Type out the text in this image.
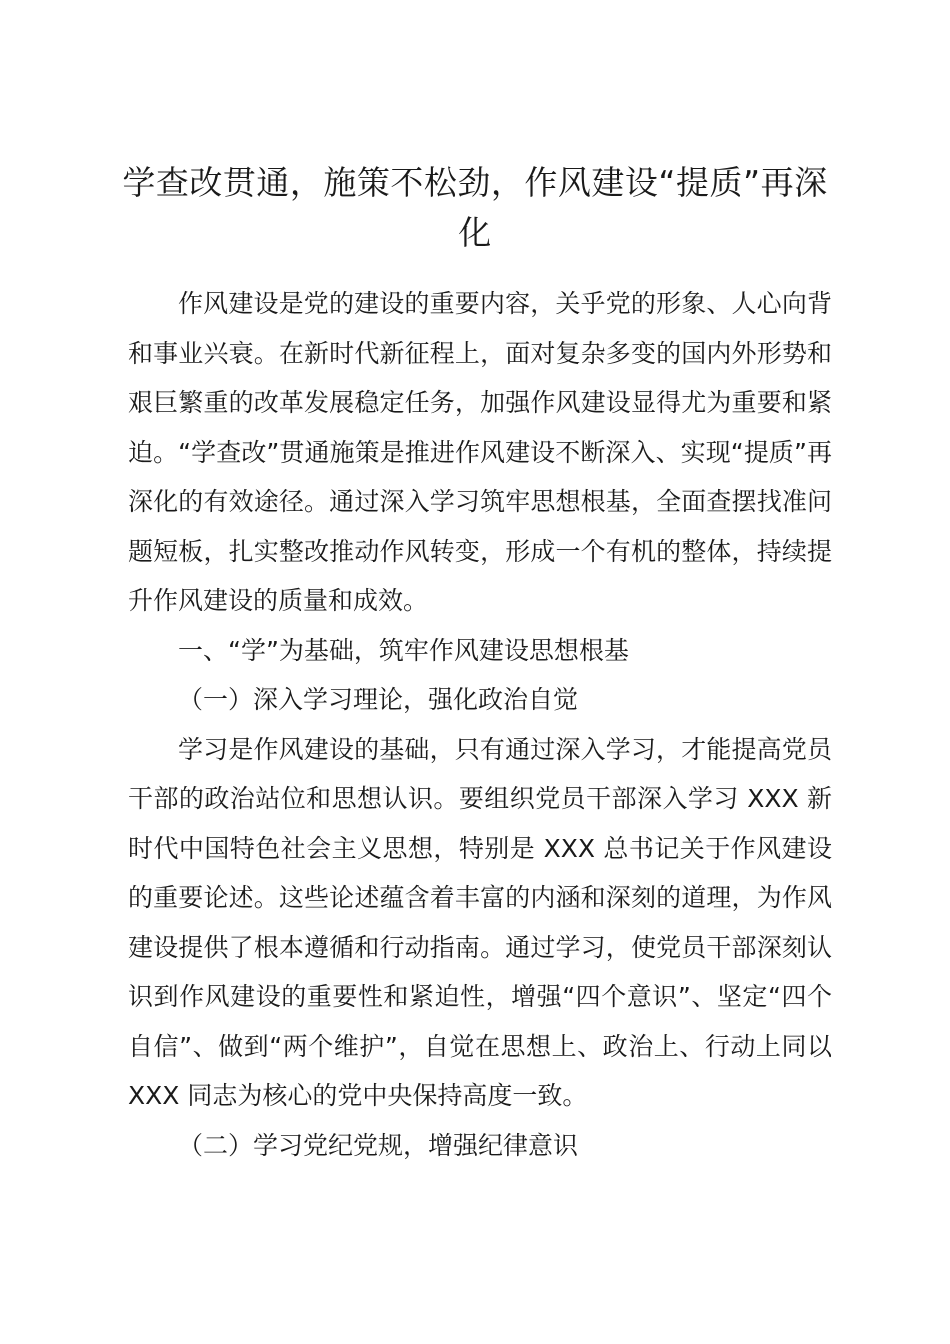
学查改贯通，施策不松劲，作风建设“提质”再深化

作风建设是党的建设的重要内容，关乎党的形象、人心向背和事业兴衰。在新时代新征程上，面对复杂多变的国内外形势和艰巨繁重的改革发展稳定任务，加强作风建设显得尤为重要和紧迫。“学查改”贯通施策是推进作风建设不断深入、实现“提质”再深化的有效途径。通过深入学习筑牢思想根基，全面查摆找准问题短板，扎实整改推动作风转变，形成一个有机的整体，持续提升作风建设的质量和成效。

一、“学”为基础，筑牢作风建设思想根基

（一）深入学习理论，强化政治自觉

学习是作风建设的基础，只有通过深入学习，才能提高党员干部的政治站位和思想认识。要组织党员干部深入学习 XXX 新时代中国特色社会主义思想，特别是 XXX 总书记关于作风建设的重要论述。这些论述蕴含着丰富的内涵和深刻的道理，为作风建设提供了根本遵循和行动指南。通过学习，使党员干部深刻认识到作风建设的重要性和紧迫性，增强“四个意识”、坚定“四个自信”、做到“两个维护”，自觉在思想上、政治上、行动上同以 XXX 同志为核心的党中央保持高度一致。

（二）学习党纪党规，增强纪律意识
